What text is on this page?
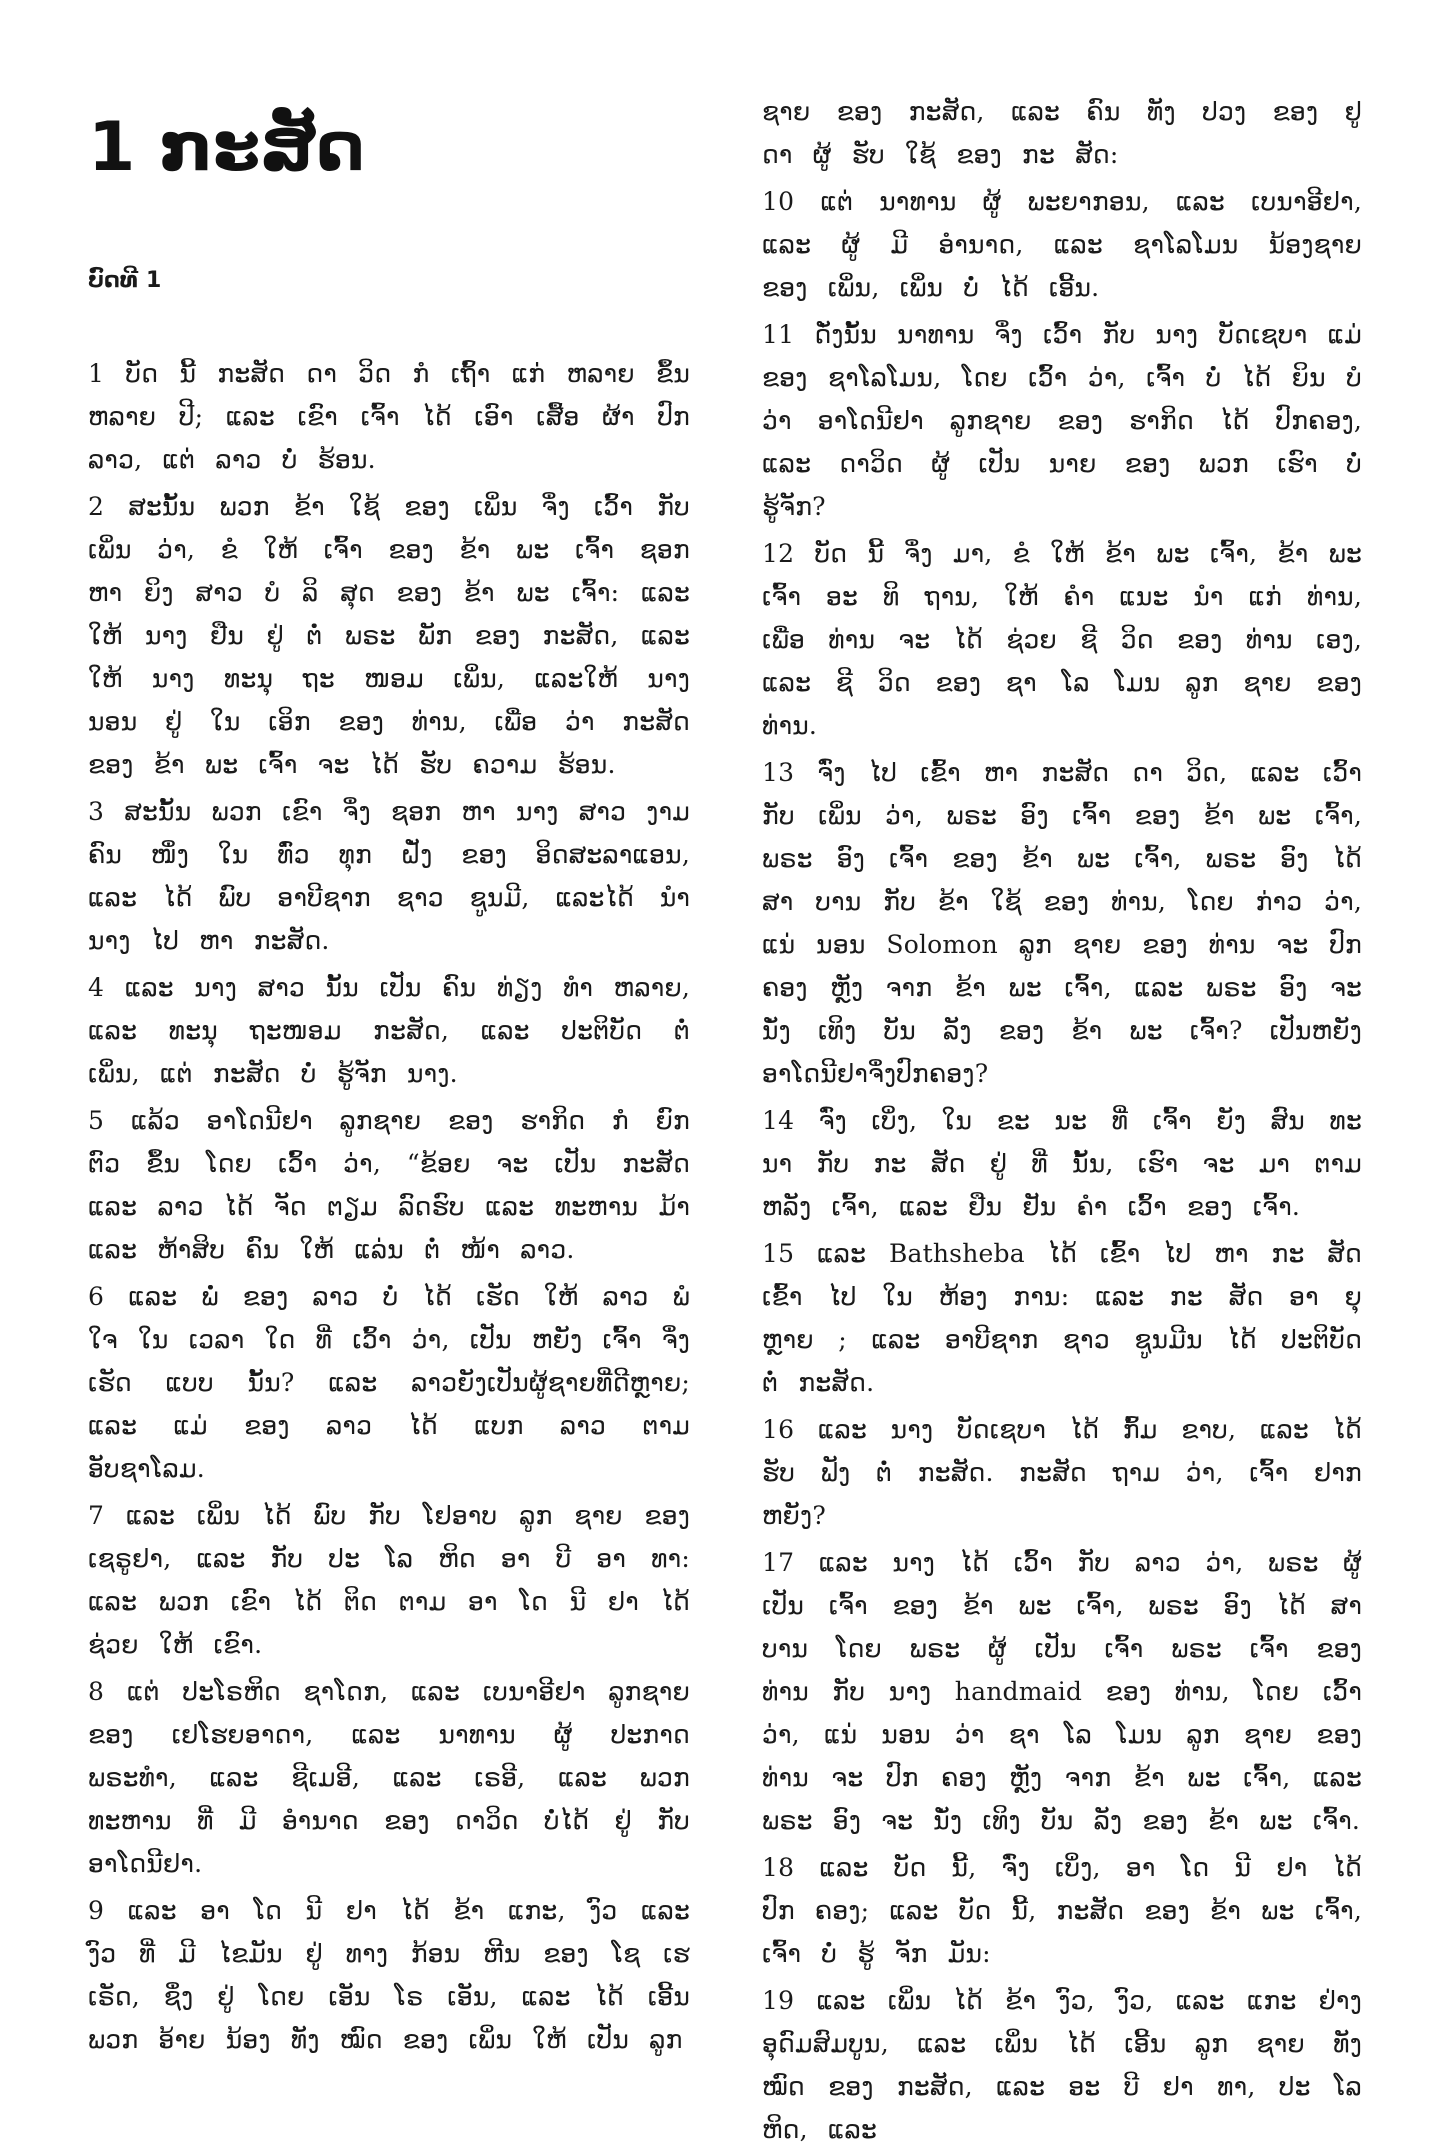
1 ກະສັດ
ບົດທີ 1

1 ບັດ ນີ້ ກະສັດ ດາ ວິດ ກໍ ເຖົ້າ ແກ່ ຫລາຍ ຂຶ້ນ ຫລາຍ ປີ; ແລະ ເຂົາ ເຈົ້າ ໄດ້ ເອົາ ເສື້ອ ຜ້າ ປົກ ລາວ, ແຕ່ ລາວ ບໍ່ ຮ້ອນ.

2 ສະນັ້ນ ພວກ ຂ້າ ໃຊ້ ຂອງ ເພິ່ນ ຈຶ່ງ ເວົ້າ ກັບ ເພິ່ນ ວ່າ, ຂໍ ໃຫ້ ເຈົ້າ ຂອງ ຂ້າ ພະ ເຈົ້າ ຊອກ ຫາ ຍິງ ສາວ ບໍ ລິ ສຸດ ຂອງ ຂ້າ ພະ ເຈົ້າ: ແລະ ໃຫ້ ນາງ ຢືນ ຢູ່ ຕໍ່ ພຣະ ພັກ ຂອງ ກະສັດ, ແລະ ໃຫ້ ນາງ ທະນຸ ຖະ ໜອມ ເພິ່ນ, ແລະໃຫ້ ນາງ ນອນ ຢູ່ ໃນ ເອິກ ຂອງ ທ່ານ, ເພື່ອ ວ່າ ກະສັດ ຂອງ ຂ້າ ພະ ເຈົ້າ ຈະ ໄດ້ ຮັບ ຄວາມ ຮ້ອນ.

3 ສະນັ້ນ ພວກ ເຂົາ ຈຶ່ງ ຊອກ ຫາ ນາງ ສາວ ງາມ ຄົນ ໜຶ່ງ ໃນ ທົ່ວ ທຸກ ຝັ່ງ ຂອງ ອິດສະລາແອນ, ແລະ ໄດ້ ພົບ ອາບີຊາກ ຊາວ ຊູນມີ, ແລະໄດ້ ນຳ ນາງ ໄປ ຫາ ກະສັດ.

4 ແລະ ນາງ ສາວ ນັ້ນ ເປັນ ຄົນ ທ່ຽງ ທຳ ຫລາຍ, ແລະ ທະນຸ ຖະໜອມ ກະສັດ, ແລະ ປະຕິບັດ ຕໍ່ ເພິ່ນ, ແຕ່ ກະສັດ ບໍ່ ຮູ້ຈັກ ນາງ.

5 ແລ້ວ ອາໂດນີຢາ ລູກຊາຍ ຂອງ ຮາກິດ ກໍ ຍົກ ຕົວ ຂຶ້ນ ໂດຍ ເວົ້າ ວ່າ, “ຂ້ອຍ ຈະ ເປັນ ກະສັດ ແລະ ລາວ ໄດ້ ຈັດ ຕຽມ ລົດຮົບ ແລະ ທະຫານ ມ້າ ແລະ ຫ້າສິບ ຄົນ ໃຫ້ ແລ່ນ ຕໍ່ ໜ້າ ລາວ.

6 ແລະ ພໍ່ ຂອງ ລາວ ບໍ່ ໄດ້ ເຮັດ ໃຫ້ ລາວ ພໍ ໃຈ ໃນ ເວລາ ໃດ ທີ່ ເວົ້າ ວ່າ, ເປັນ ຫຍັງ ເຈົ້າ ຈຶ່ງ ເຮັດ ແບບ ນັ້ນ? ແລະ ລາວຍັງເປັນຜູ້ຊາຍທີ່ດີຫຼາຍ; ແລະ ແມ່ ຂອງ ລາວ ໄດ້ ແບກ ລາວ ຕາມ ອັບຊາໂລມ.

7 ແລະ ເພິ່ນ ໄດ້ ພົບ ກັບ ໂຢອາບ ລູກ ຊາຍ ຂອງ ເຊຣູຢາ, ແລະ ກັບ ປະ ໂລ ຫິດ ອາ ບີ ອາ ທາ: ແລະ ພວກ ເຂົາ ໄດ້ ຕິດ ຕາມ ອາ ໂດ ນີ ຢາ ໄດ້ ຊ່ວຍ ໃຫ້ ເຂົາ.

8 ແຕ່ ປະໂຣຫິດ ຊາໂດກ, ແລະ ເບນາອີຢາ ລູກຊາຍ ຂອງ ເຢໂຮຍອາດາ, ແລະ ນາທານ ຜູ້ ປະກາດ ພຣະທຳ, ແລະ ຊີເມອີ, ແລະ ເຣອີ, ແລະ ພວກ ທະຫານ ທີ່ ມີ ອຳນາດ ຂອງ ດາວິດ ບໍ່ໄດ້ ຢູ່ ກັບ ອາໂດນີຢາ.

9 ແລະ ອາ ໂດ ນີ ຢາ ໄດ້ ຂ້າ ແກະ, ງົວ ແລະ ງົວ ທີ່ ມີ ໄຂມັນ ຢູ່ ທາງ ກ້ອນ ຫີນ ຂອງ ໂຊ ເຮ ເຣັດ, ຊຶ່ງ ຢູ່ ໂດຍ ເອັນ ໂຣ ເອັນ, ແລະ ໄດ້ ເອີ້ນ ພວກ ອ້າຍ ນ້ອງ ທັງ ໝົດ ຂອງ ເພິ່ນ ໃຫ້ ເປັນ ລູກ

ຊາຍ ຂອງ ກະສັດ, ແລະ ຄົນ ທັງ ປວງ ຂອງ ຢູ ດາ ຜູ້ ຮັບ ໃຊ້ ຂອງ ກະ ສັດ:

10 ແຕ່ ນາທານ ຜູ້ ພະຍາກອນ, ແລະ ເບນາອີຢາ, ແລະ ຜູ້ ມີ ອຳນາດ, ແລະ ຊາໂລໂມນ ນ້ອງຊາຍ ຂອງ ເພິ່ນ, ເພິ່ນ ບໍ່ ໄດ້ ເອີ້ນ.

11 ດັ່ງນັ້ນ ນາທານ ຈຶ່ງ ເວົ້າ ກັບ ນາງ ບັດເຊບາ ແມ່ ຂອງ ຊາໂລໂມນ, ໂດຍ ເວົ້າ ວ່າ, ເຈົ້າ ບໍ່ ໄດ້ ຍິນ ບໍ ວ່າ ອາໂດນີຢາ ລູກຊາຍ ຂອງ ຮາກິດ ໄດ້ ປົກຄອງ, ແລະ ດາວິດ ຜູ້ ເປັນ ນາຍ ຂອງ ພວກ ເຮົາ ບໍ່ ຮູ້ຈັກ?

12 ບັດ ນີ້ ຈຶ່ງ ມາ, ຂໍ ໃຫ້ ຂ້າ ພະ ເຈົ້າ, ຂ້າ ພະ ເຈົ້າ ອະ ທິ ຖານ, ໃຫ້ ຄຳ ແນະ ນຳ ແກ່ ທ່ານ, ເພື່ອ ທ່ານ ຈະ ໄດ້ ຊ່ວຍ ຊີ ວິດ ຂອງ ທ່ານ ເອງ, ແລະ ຊີ ວິດ ຂອງ ຊາ ໂລ ໂມນ ລູກ ຊາຍ ຂອງ ທ່ານ.

13 ຈົ່ງ ໄປ ເຂົ້າ ຫາ ກະສັດ ດາ ວິດ, ແລະ ເວົ້າ ກັບ ເພິ່ນ ວ່າ, ພຣະ ອົງ ເຈົ້າ ຂອງ ຂ້າ ພະ ເຈົ້າ, ພຣະ ອົງ ເຈົ້າ ຂອງ ຂ້າ ພະ ເຈົ້າ, ພຣະ ອົງ ໄດ້ ສາ ບານ ກັບ ຂ້າ ໃຊ້ ຂອງ ທ່ານ, ໂດຍ ກ່າວ ວ່າ, ແນ່ ນອນ Solomon ລູກ ຊາຍ ຂອງ ທ່ານ ຈະ ປົກ ຄອງ ຫຼັງ ຈາກ ຂ້າ ພະ ເຈົ້າ, ແລະ ພຣະ ອົງ ຈະ ນັ່ງ ເທິງ ບັນ ລັງ ຂອງ ຂ້າ ພະ ເຈົ້າ? ເປັນຫຍັງອາໂດນີຢາຈຶ່ງປົກຄອງ?

14 ຈົ່ງ ເບິ່ງ, ໃນ ຂະ ນະ ທີ່ ເຈົ້າ ຍັງ ສົນ ທະ ນາ ກັບ ກະ ສັດ ຢູ່ ທີ່ ນັ້ນ, ເຮົາ ຈະ ມາ ຕາມ ຫລັງ ເຈົ້າ, ແລະ ຢືນ ຢັນ ຄຳ ເວົ້າ ຂອງ ເຈົ້າ.

15 ແລະ Bathsheba ໄດ້ ເຂົ້າ ໄປ ຫາ ກະ ສັດ ເຂົ້າ ໄປ ໃນ ຫ້ອງ ການ: ແລະ ກະ ສັດ ອາ ຍຸ ຫຼາຍ ; ແລະ ອາບີຊາກ ຊາວ ຊູນມີນ ໄດ້ ປະຕິບັດ ຕໍ່ ກະສັດ.

16 ແລະ ນາງ ບັດເຊບາ ໄດ້ ກົ້ມ ຂາບ, ແລະ ໄດ້ ຮັບ ຟັງ ຕໍ່ ກະສັດ. ກະສັດ ຖາມ ວ່າ, ເຈົ້າ ຢາກ ຫຍັງ?

17 ແລະ ນາງ ໄດ້ ເວົ້າ ກັບ ລາວ ວ່າ, ພຣະ ຜູ້ ເປັນ ເຈົ້າ ຂອງ ຂ້າ ພະ ເຈົ້າ, ພຣະ ອົງ ໄດ້ ສາ ບານ ໂດຍ ພຣະ ຜູ້ ເປັນ ເຈົ້າ ພຣະ ເຈົ້າ ຂອງ ທ່ານ ກັບ ນາງ handmaid ຂອງ ທ່ານ, ໂດຍ ເວົ້າ ວ່າ, ແນ່ ນອນ ວ່າ ຊາ ໂລ ໂມນ ລູກ ຊາຍ ຂອງ ທ່ານ ຈະ ປົກ ຄອງ ຫຼັງ ຈາກ ຂ້າ ພະ ເຈົ້າ, ແລະ ພຣະ ອົງ ຈະ ນັ່ງ ເທິງ ບັນ ລັງ ຂອງ ຂ້າ ພະ ເຈົ້າ.

18 ແລະ ບັດ ນີ້, ຈົ່ງ ເບິ່ງ, ອາ ໂດ ນີ ຢາ ໄດ້ ປົກ ຄອງ; ແລະ ບັດ ນີ້, ກະສັດ ຂອງ ຂ້າ ພະ ເຈົ້າ, ເຈົ້າ ບໍ່ ຮູ້ ຈັກ ມັນ:

19 ແລະ ເພິ່ນ ໄດ້ ຂ້າ ງົວ, ງົວ, ແລະ ແກະ ຢ່າງ ອຸດົມສົມບູນ, ແລະ ເພິ່ນ ໄດ້ ເອີ້ນ ລູກ ຊາຍ ທັງ ໝົດ ຂອງ ກະສັດ, ແລະ ອະ ບີ ຢາ ທາ, ປະ ໂລ ຫິດ, ແລະ
